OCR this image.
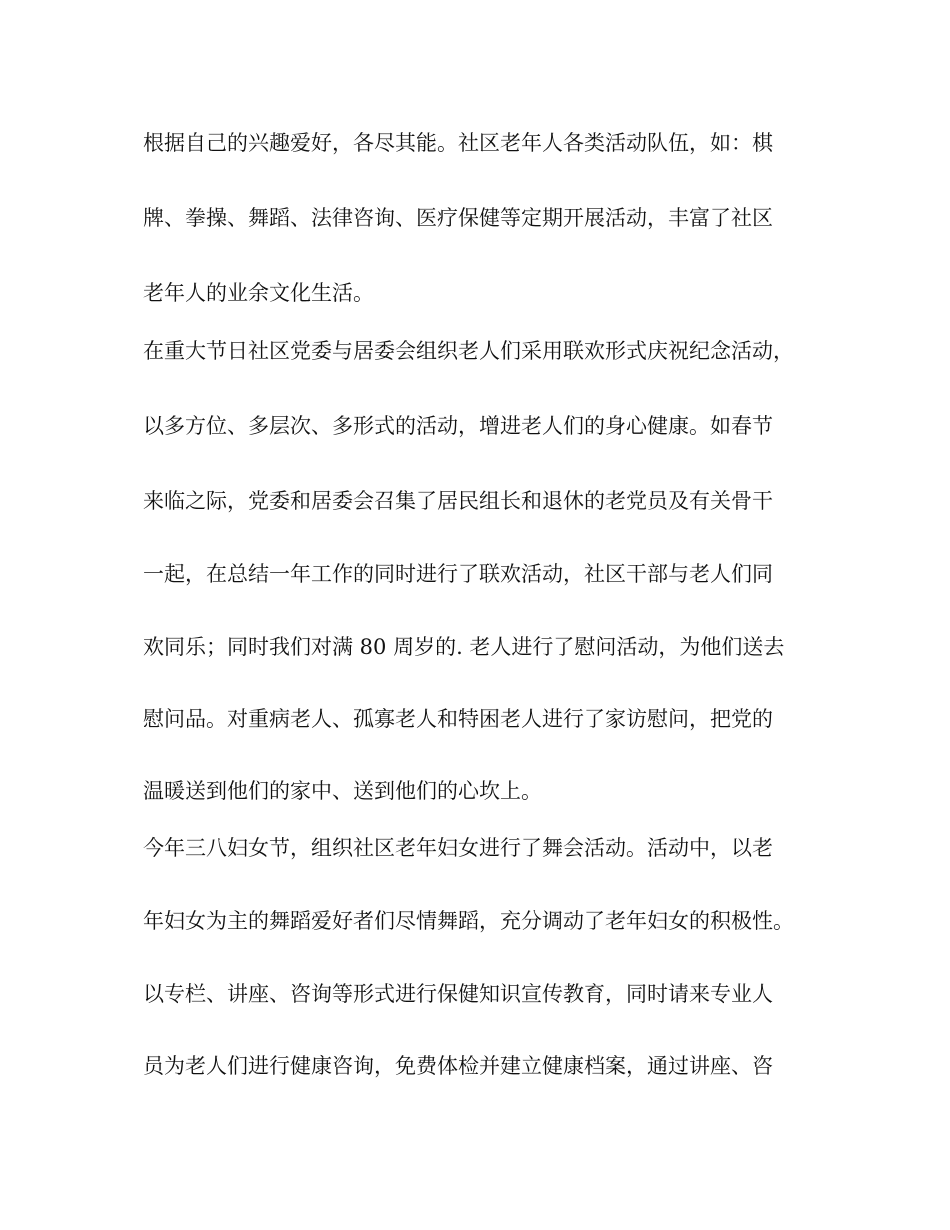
根据自己的兴趣爱好，各尽其能。社区老年人各类活动队伍，如：棋
牌、拳操、舞蹈、法律咨询、医疗保健等定期开展活动，丰富了社区
老年人的业余文化生活。
在重大节日社区党委与居委会组织老人们采用联欢形式庆祝纪念活动，
以多方位、多层次、多形式的活动，增进老人们的身心健康。如春节
来临之际，党委和居委会召集了居民组长和退休的老党员及有关骨干
一起，在总结一年工作的同时进行了联欢活动，社区干部与老人们同
欢同乐；同时我们对满 80 周岁的. 老人进行了慰问活动，为他们送去
慰问品。对重病老人、孤寡老人和特困老人进行了家访慰问，把党的
温暖送到他们的家中、送到他们的心坎上。
今年三八妇女节，组织社区老年妇女进行了舞会活动。活动中，以老
年妇女为主的舞蹈爱好者们尽情舞蹈，充分调动了老年妇女的积极性。
以专栏、讲座、咨询等形式进行保健知识宣传教育，同时请来专业人
员为老人们进行健康咨询，免费体检并建立健康档案，通过讲座、咨
